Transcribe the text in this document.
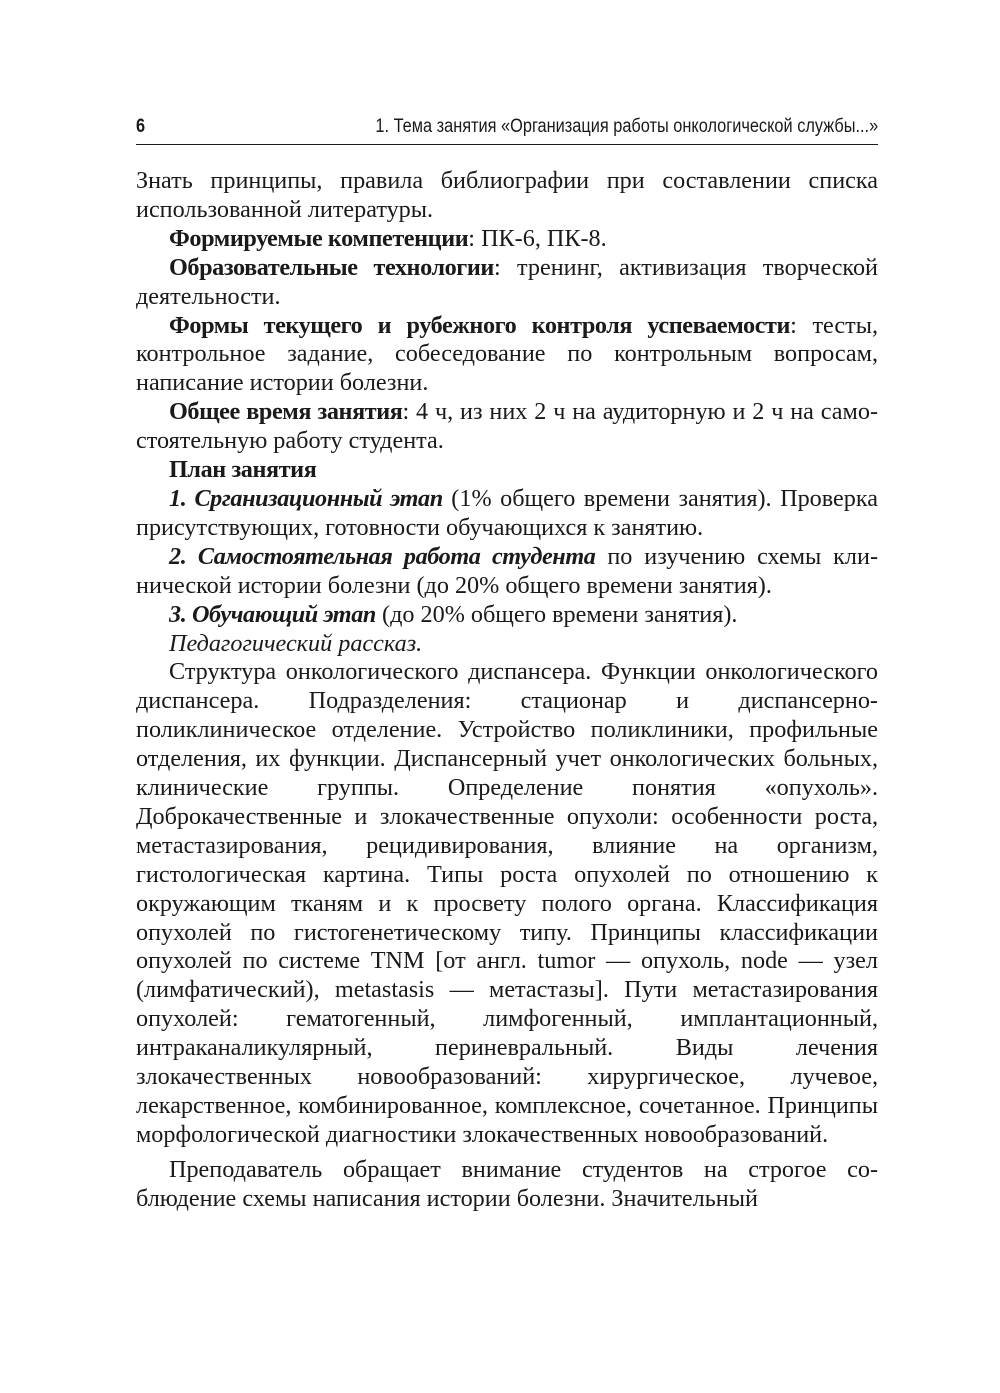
6	1. Тема занятия «Организация работы онкологической службы...»

Знать принципы, правила библиографии при составлении списка использованной литературы.

Формируемые компетенции: ПК-6, ПК-8.

Образовательные технологии: тренинг, активизация творческой деятельности.

Формы текущего и рубежного контроля успеваемости: тесты, контрольное задание, собеседование по контрольным вопросам, написание истории болезни.

Общее время занятия: 4 ч, из них 2 ч на аудиторную и 2 ч на самостоятельную работу студента.

План занятия

1. Срганизационный этап (1% общего времени занятия). Проверка присутствующих, готовности обучающихся к занятию.

2. Самостоятельная работа студента по изучению схемы клинической истории болезни (до 20% общего времени занятия).

3. Обучающий этап (до 20% общего времени занятия).

Педагогический рассказ.

Структура онкологического диспансера. Функции онкологического диспансера. Подразделения: стационар и диспансерно-поликлиническое отделение. Устройство поликлиники, профильные отделения, их функции. Диспансерный учет онкологических больных, клинические группы. Определение понятия «опухоль». Доброкачественные и злокачественные опухоли: особенности роста, метастазирования, рецидивирования, влияние на организм, гистологическая картина. Типы роста опухолей по отношению к окружающим тканям и к просвету полого органа. Классификация опухолей по гистогенетическому типу. Принципы классификации опухолей по системе TNM [от англ. tumor — опухоль, node — узел (лимфатический), metastasis — метастазы]. Пути метастазирования опухолей: гематогенный, лимфогенный, имплантационный, интраканаликулярный, периневральный. Виды лечения злокачественных новообразований: хирургическое, лучевое, лекарственное, комбинированное, комплексное, сочетанное. Принципы морфологической диагностики злокачественных новообразований.

Преподаватель обращает внимание студентов на строгое соблюдение схемы написания истории болезни. Значительный
